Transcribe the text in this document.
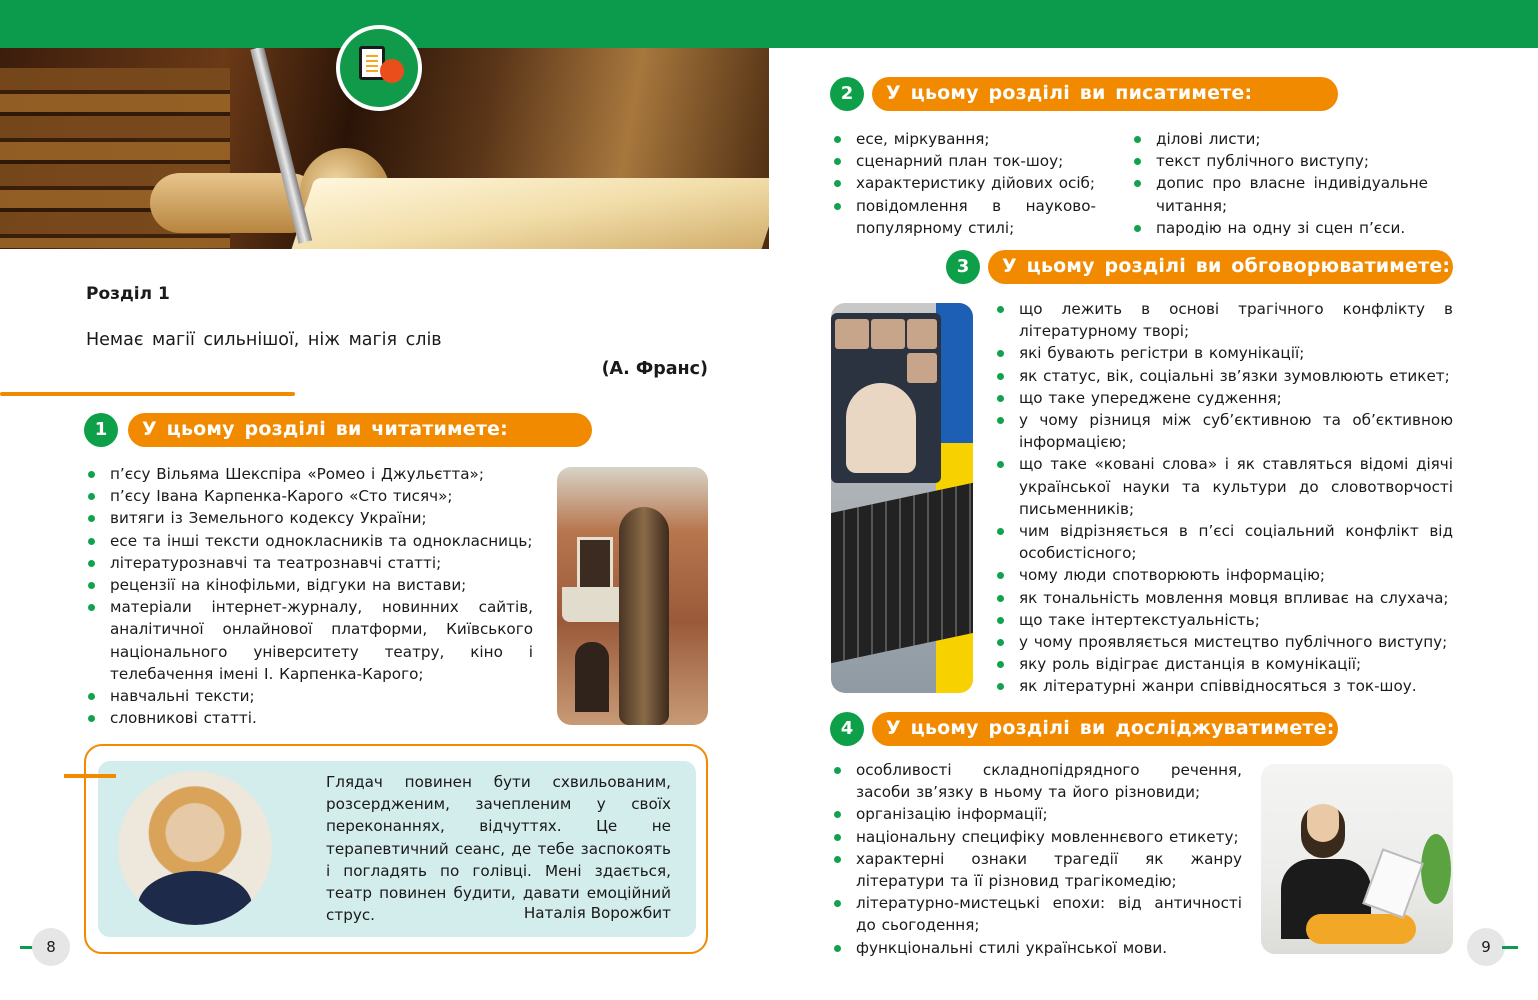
Розділ 1
Немає магії сильнішої, ніж магія слів
(А. Франс)
У цьому розділі ви читатимете:
1
п’єсу Вільяма Шекспіра «Ромео і Джульєтта»;
п’єсу Івана Карпенка-Карого «Сто тисяч»;
витяги із Земельного кодексу України;
есе та інші тексти однокласників та однокласниць;
літературознавчі та театрознавчі статті;
рецензії на кінофільми, відгуки на вистави;
матеріали інтернет-журналу, новинних сайтів, аналітичної онлайнової платформи, Київського національного університету театру, кіно і телебачення імені І. Карпенка-Карого;
навчальні тексти;
словникові статті.
Глядач повинен бути схвильованим, розсердженим, зачепленим у своїх переконаннях, відчуттях. Це не терапевтичний сеанс, де тебе заспокоять і погладять по голівці. Мені здається, театр повинен будити, давати емоційний струс.	Наталія Ворожбит
8
У цьому розділі ви писатимете:
2
есе, міркування;
сценарний план ток-шоу;
характеристику дійових осіб;
повідомлення в науково-популярному стилі;
ділові листи;
текст публічного виступу;
допис про власне індивідуальне читання;
пародію на одну зі сцен п’єси.
У цьому розділі ви обговорюватимете:
3
що лежить в основі трагічного конфлікту в літературному творі;
які бувають регістри в комунікації;
як статус, вік, соціальні зв’язки зумовлюють етикет;
що таке упереджене судження;
у чому різниця між суб’єктивною та об’єктивною інформацією;
що таке «ковані слова» і як ставляться відомі діячі української науки та культури до словотворчості письменників;
чим відрізняється в п’єсі соціальний конфлікт від особистісного;
чому люди спотворюють інформацію;
як тональність мовлення мовця впливає на слухача;
що таке інтертекстуальність;
у чому проявляється мистецтво публічного виступу;
яку роль відіграє дистанція в комунікації;
як літературні жанри співвідносяться з ток-шоу.
У цьому розділі ви досліджуватимете:
4
особливості складнопідрядного речення, засоби зв’язку в ньому та його різновиди;
організацію інформації;
національну специфіку мовленнєвого етикету;
характерні ознаки трагедії як жанру літератури та її різновид трагікомедію;
літературно-мистецькі епохи: від античності до сьогодення;
функціональні стилі української мови.	9
